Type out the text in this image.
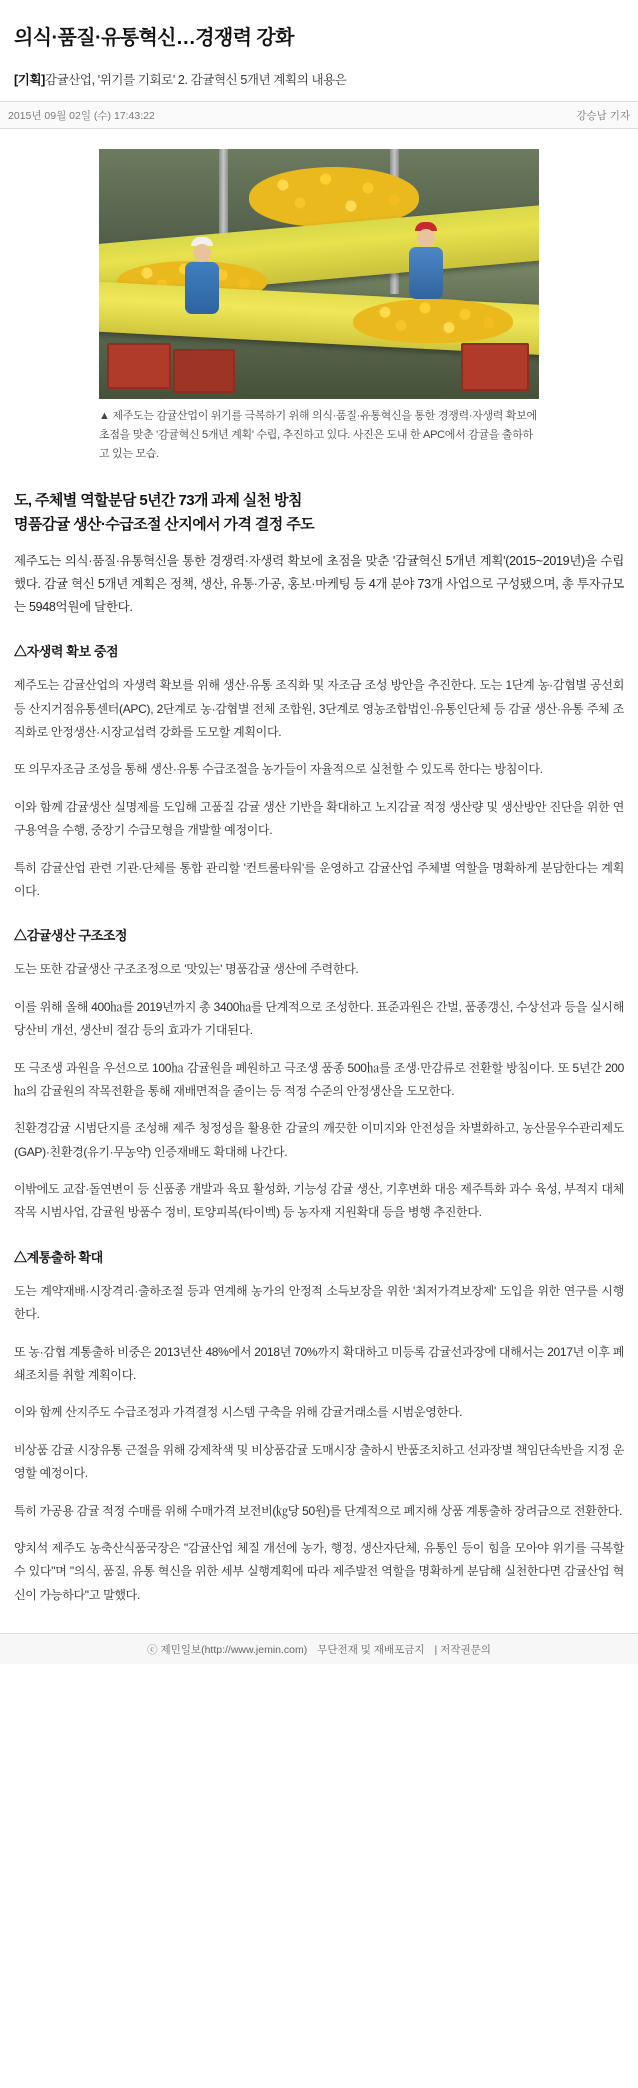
의식·품질·유통혁신…경쟁력 강화
[기획]감귤산업, '위기를 기회로' 2. 감귤혁신 5개년 계획의 내용은
2015년 09월 02일 (수) 17:43:22	강승남 기자
▲ 제주도는 감귤산업이 위기를 극복하기 위해 의식·품질·유통혁신을 통한 경쟁력·자생력 확보에 초점을 맞춘 '감귤혁신 5개년 계획' 수립, 추진하고 있다. 사진은 도내 한 APC에서 감귤을 출하하고 있는 모습.
도, 주체별 역할분담 5년간 73개 과제 실천 방침
명품감귤 생산·수급조절 산지에서 가격 결정 주도
제주도는 의식·품질·유통혁신을 통한 경쟁력·자생력 확보에 초점을 맞춘 '감귤혁신 5개년 계획'(2015~2019년)을 수립했다. 감귤 혁신 5개년 계획은 정책, 생산, 유통·가공, 홍보·마케팅 등 4개 분야 73개 사업으로 구성됐으며, 총 투자규모는 5948억원에 달한다.
△자생력 확보 중점

제주도는 감귤산업의 자생력 확보를 위해 생산·유통 조직화 및 자조금 조성 방안을 추진한다. 도는 1단계 농·감협별 공선회 등 산지거점유통센터(APC), 2단계로 농·감협별 전체 조합원, 3단계로 영농조합법인·유통인단체 등 감귤 생산·유통 주체 조직화로 안정생산·시장교섭력 강화를 도모할 계획이다.

또 의무자조금 조성을 통해 생산·유통 수급조절을 농가들이 자율적으로 실천할 수 있도록 한다는 방침이다.

이와 함께 감귤생산 실명제를 도입해 고품질 감귤 생산 기반을 확대하고 노지감귤 적정 생산량 및 생산방안 진단을 위한 연구용역을 수행, 중장기 수급모형을 개발할 예정이다.

특히 감귤산업 관련 기관·단체를 통합 관리할 '컨트롤타워'를 운영하고 감귤산업 주체별 역할을 명확하게 분담한다는 계획이다.

△감귤생산 구조조정

도는 또한 감귤생산 구조조정으로 '맛있는' 명품감귤 생산에 주력한다.

이를 위해 올해 400㏊를 2019년까지 총 3400㏊를 단계적으로 조성한다. 표준과원은 간벌, 품종갱신, 수상선과 등을 실시해 당산비 개선, 생산비 절감 등의 효과가 기대된다.

또 극조생 과원을 우선으로 100㏊ 감귤원을 폐원하고 극조생 품종 500㏊를 조생·만감류로 전환할 방침이다. 또 5년간 200㏊의 감귤원의 작목전환을 통해 재배면적을 줄이는 등 적정 수준의 안정생산을 도모한다.

친환경감귤 시범단지를 조성해 제주 청정성을 활용한 감귤의 깨끗한 이미지와 안전성을 차별화하고, 농산물우수관리제도(GAP)·친환경(유기·무농약) 인증재배도 확대해 나간다.

이밖에도 교잡·돌연변이 등 신품종 개발과 육묘 활성화, 기능성 감귤 생산, 기후변화 대응 제주특화 과수 육성, 부적지 대체작목 시범사업, 감귤원 방품수 정비, 토양피복(타이벡) 등 농자재 지원확대 등을 병행 추진한다.

△계통출하 확대

도는 계약재배·시장격리·출하조절 등과 연계해 농가의 안정적 소득보장을 위한 '최저가격보장제' 도입을 위한 연구를 시행한다.

또 농·감협 계통출하 비중은 2013년산 48%에서 2018년 70%까지 확대하고 미등록 감귤선과장에 대해서는 2017년 이후 폐쇄조치를 취할 계획이다.

이와 함께 산지주도 수급조정과 가격결정 시스템 구축을 위해 감귤거래소를 시범운영한다.

비상품 감귤 시장유통 근절을 위해 강제착색 및 비상품감귤 도매시장 출하시 반품조치하고 선과장별 책임단속반을 지정 운영할 예정이다.

특히 가공용 감귤 적정 수매를 위해 수매가격 보전비(㎏당 50원)를 단계적으로 폐지해 상품 계통출하 장려금으로 전환한다.

양치석 제주도 농축산식품국장은 "감귤산업 체질 개선에 농가, 행정, 생산자단체, 유통인 등이 힘을 모아야 위기를 극복할 수 있다"며 "의식, 품질, 유통 혁신을 위한 세부 실행계획에 따라 제주발전 역할을 명확하게 분담해 실천한다면 감귤산업 혁신이 가능하다"고 말했다.

ⓒ 제민일보(http://www.jemin.com) 무단전재 및 재배포금지 | 저작권문의
